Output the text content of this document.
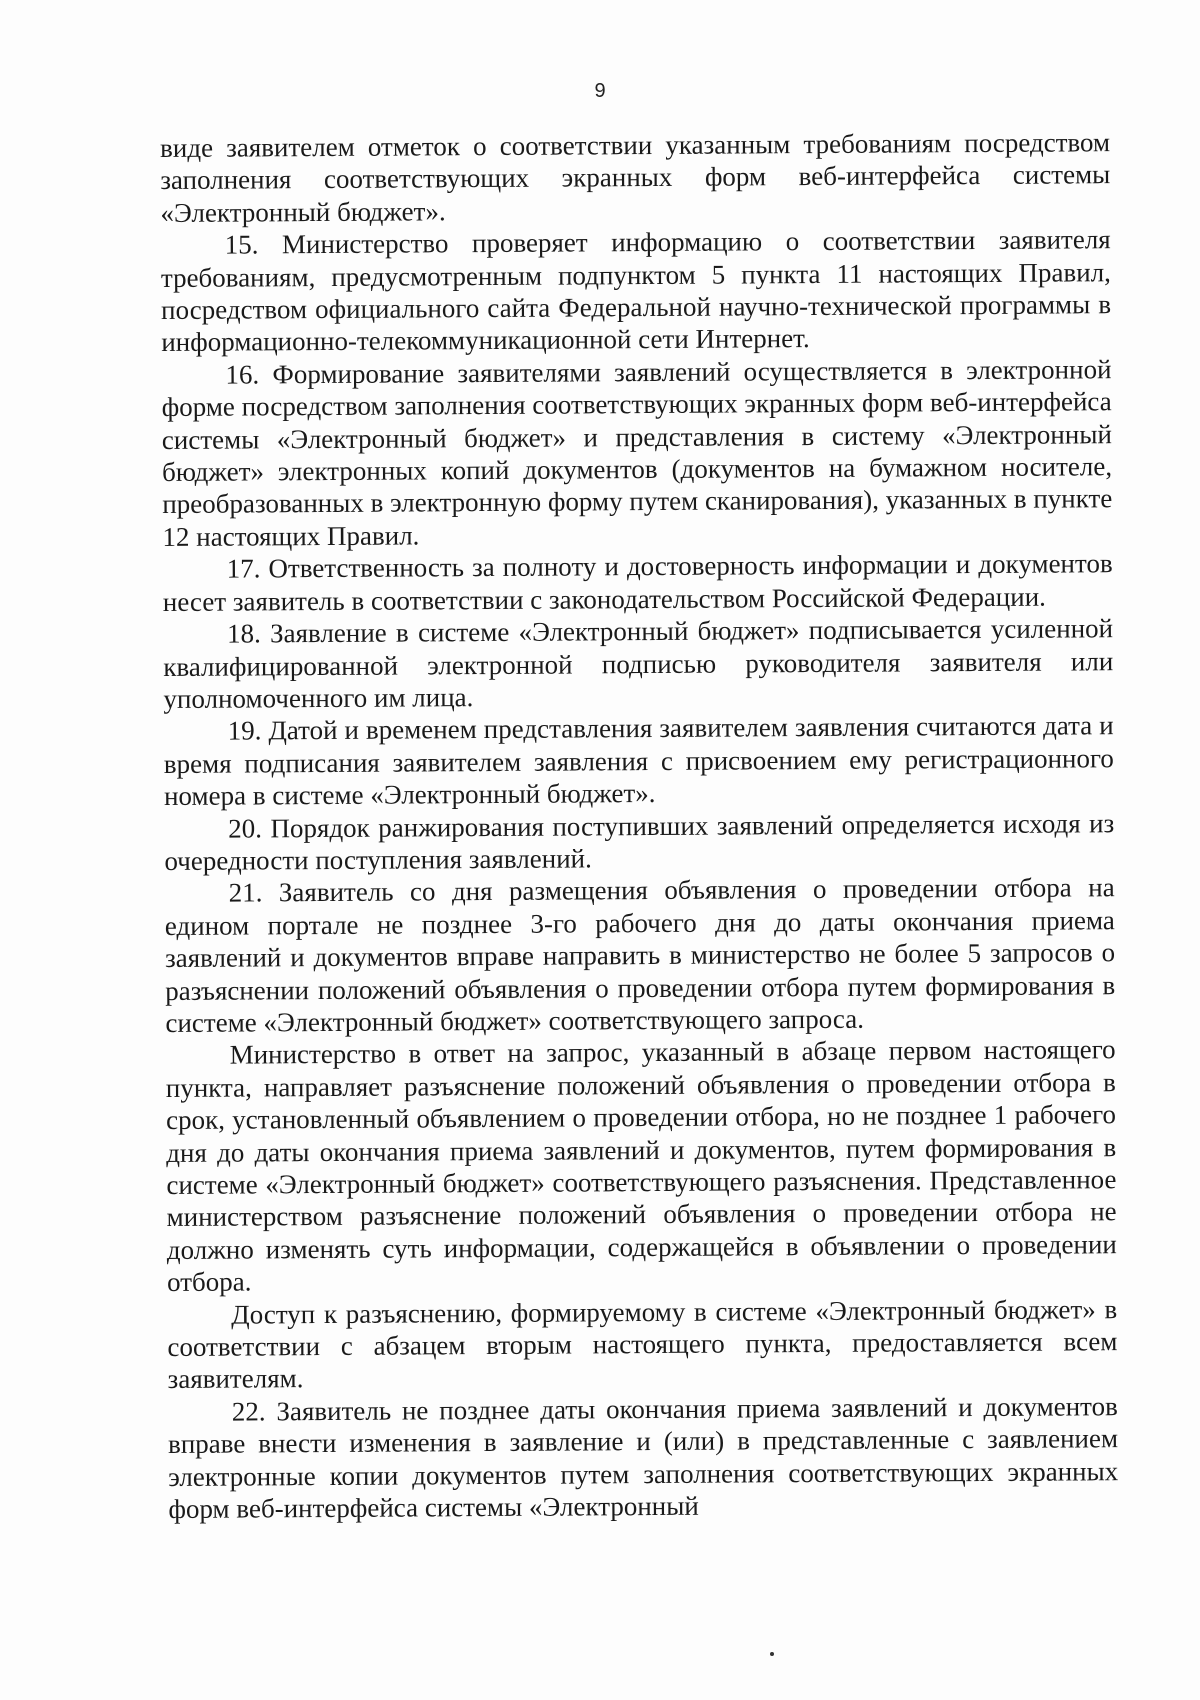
9

виде заявителем отметок о соответствии указанным требованиям посредством заполнения соответствующих экранных форм веб-интерфейса системы «Электронный бюджет».

15. Министерство проверяет информацию о соответствии заявителя требованиям, предусмотренным подпунктом 5 пункта 11 настоящих Правил, посредством официального сайта Федеральной научно-технической программы в информационно-телекоммуникационной сети Интернет.

16. Формирование заявителями заявлений осуществляется в электронной форме посредством заполнения соответствующих экранных форм веб-интерфейса системы «Электронный бюджет» и представления в систему «Электронный бюджет» электронных копий документов (документов на бумажном носителе, преобразованных в электронную форму путем сканирования), указанных в пункте 12 настоящих Правил.

17. Ответственность за полноту и достоверность информации и документов несет заявитель в соответствии с законодательством Российской Федерации.

18. Заявление в системе «Электронный бюджет» подписывается усиленной квалифицированной электронной подписью руководителя заявителя или уполномоченного им лица.

19. Датой и временем представления заявителем заявления считаются дата и время подписания заявителем заявления с присвоением ему регистрационного номера в системе «Электронный бюджет».

20. Порядок ранжирования поступивших заявлений определяется исходя из очередности поступления заявлений.

21. Заявитель со дня размещения объявления о проведении отбора на едином портале не позднее 3-го рабочего дня до даты окончания приема заявлений и документов вправе направить в министерство не более 5 запросов о разъяснении положений объявления о проведении отбора путем формирования в системе «Электронный бюджет» соответствующего запроса.

Министерство в ответ на запрос, указанный в абзаце первом настоящего пункта, направляет разъяснение положений объявления о проведении отбора в срок, установленный объявлением о проведении отбора, но не позднее 1 рабочего дня до даты окончания приема заявлений и документов, путем формирования в системе «Электронный бюджет» соответствующего разъяснения. Представленное министерством разъяснение положений объявления о проведении отбора не должно изменять суть информации, содержащейся в объявлении о проведении отбора.

Доступ к разъяснению, формируемому в системе «Электронный бюджет» в соответствии с абзацем вторым настоящего пункта, предоставляется всем заявителям.

22. Заявитель не позднее даты окончания приема заявлений и документов вправе внести изменения в заявление и (или) в представленные с заявлением электронные копии документов путем заполнения соответствующих экранных форм веб-интерфейса системы «Электронный
